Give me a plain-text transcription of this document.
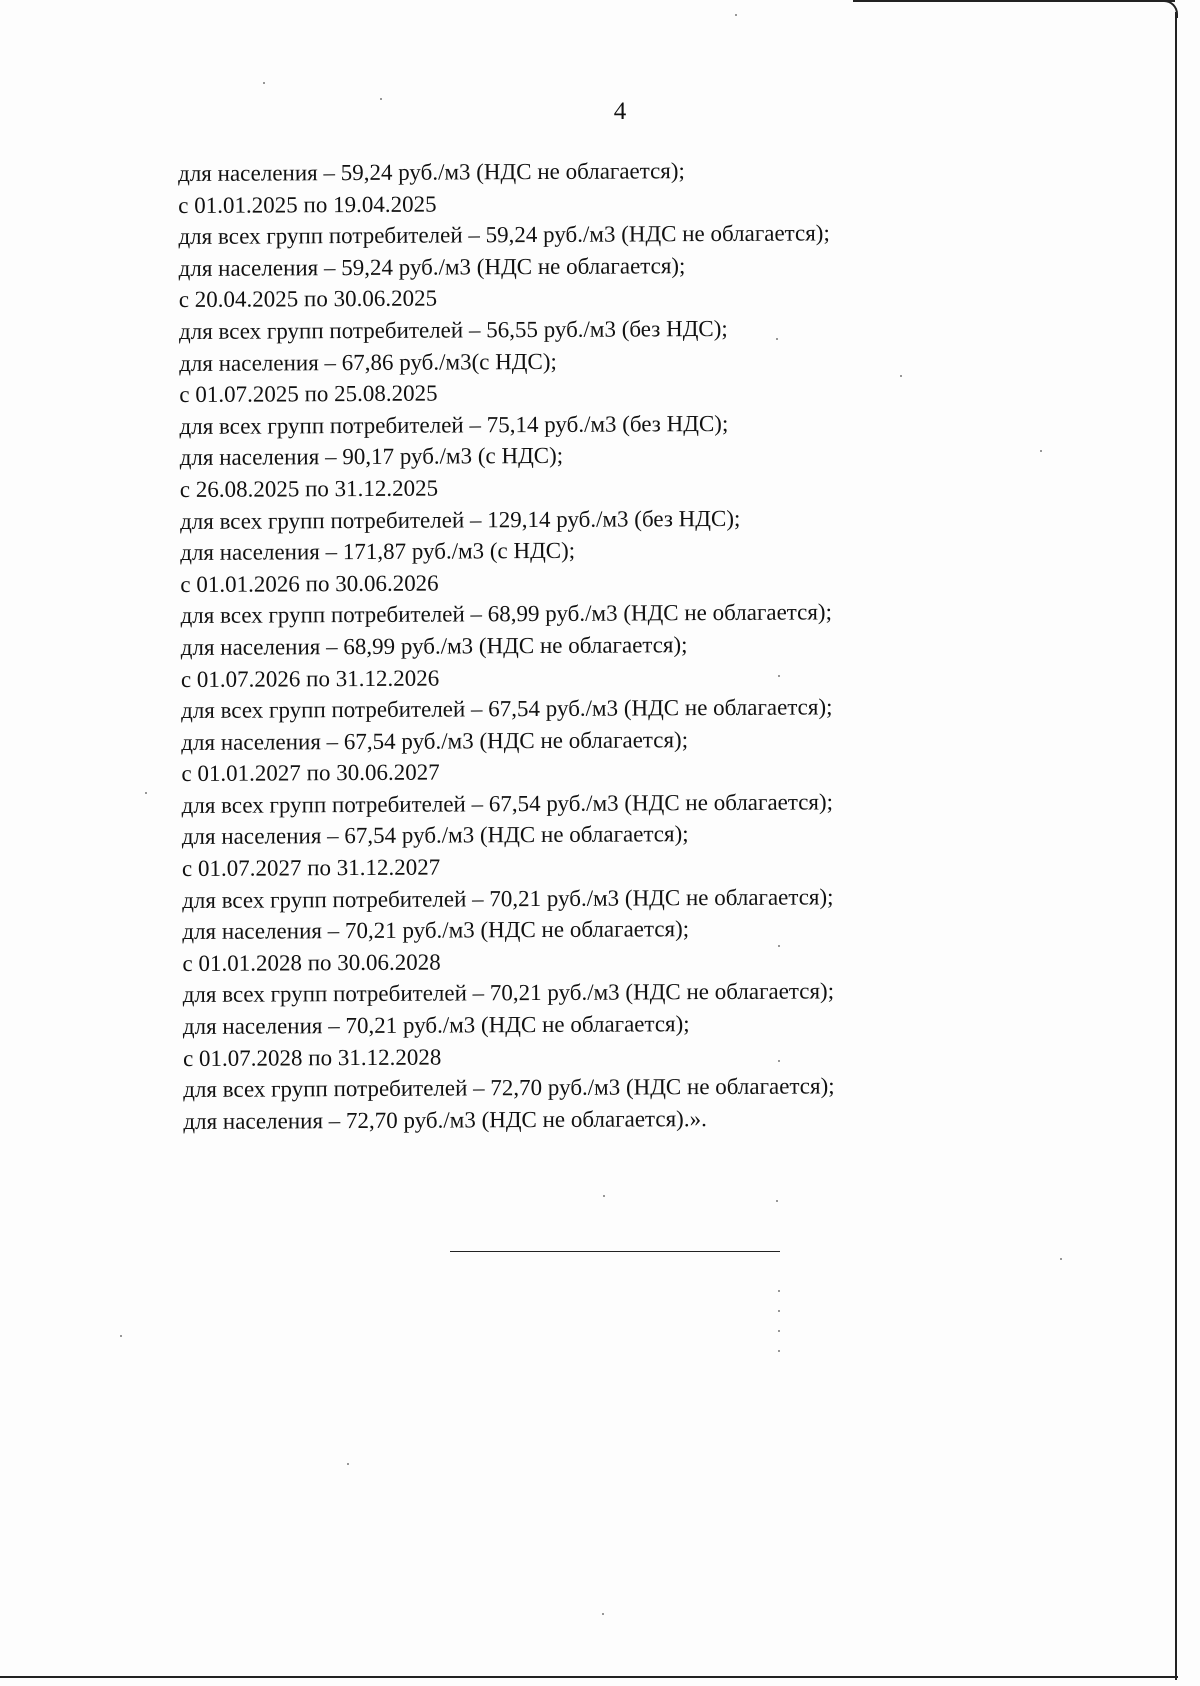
4
для населения – 59,24 руб./м3 (НДС не облагается);
с 01.01.2025 по 19.04.2025
для всех групп потребителей – 59,24 руб./м3 (НДС не облагается);
для населения – 59,24 руб./м3 (НДС не облагается);
с 20.04.2025 по 30.06.2025
для всех групп потребителей – 56,55 руб./м3 (без НДС);
для населения – 67,86 руб./м3(с НДС);
с 01.07.2025 по 25.08.2025
для всех групп потребителей – 75,14 руб./м3 (без НДС);
для населения – 90,17 руб./м3 (с НДС);
с 26.08.2025 по 31.12.2025
для всех групп потребителей – 129,14 руб./м3 (без НДС);
для населения – 171,87 руб./м3 (с НДС);
с 01.01.2026 по 30.06.2026
для всех групп потребителей – 68,99 руб./м3 (НДС не облагается);
для населения – 68,99 руб./м3 (НДС не облагается);
с 01.07.2026 по 31.12.2026
для всех групп потребителей – 67,54 руб./м3 (НДС не облагается);
для населения – 67,54 руб./м3 (НДС не облагается);
с 01.01.2027 по 30.06.2027
для всех групп потребителей – 67,54 руб./м3 (НДС не облагается);
для населения – 67,54 руб./м3 (НДС не облагается);
с 01.07.2027 по 31.12.2027
для всех групп потребителей – 70,21 руб./м3 (НДС не облагается);
для населения – 70,21 руб./м3 (НДС не облагается);
с 01.01.2028 по 30.06.2028
для всех групп потребителей – 70,21 руб./м3 (НДС не облагается);
для населения – 70,21 руб./м3 (НДС не облагается);
с 01.07.2028 по 31.12.2028
для всех групп потребителей – 72,70 руб./м3 (НДС не облагается);
для населения – 72,70 руб./м3 (НДС не облагается).».
